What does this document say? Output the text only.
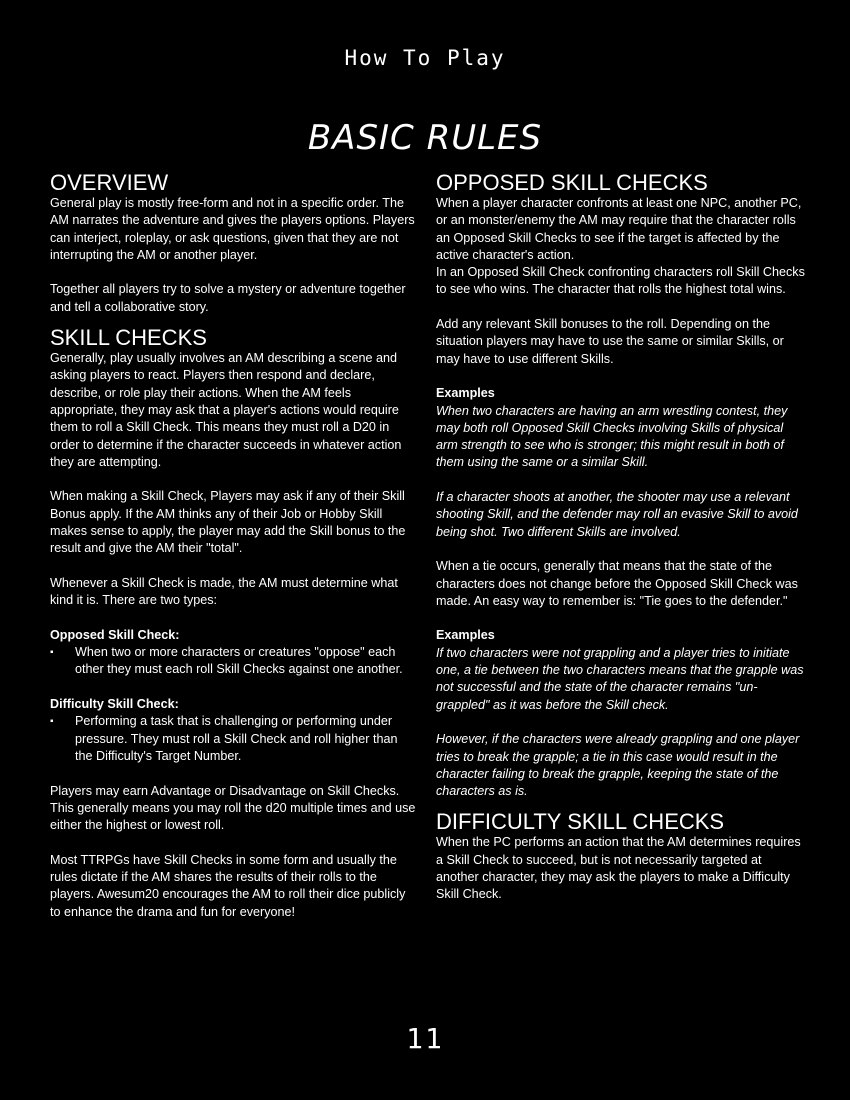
How To Play
BASIC RULES
OVERVIEW

General play is mostly free-form and not in a specific order. The AM narrates the adventure and gives the players options. Players can interject, roleplay, or ask questions, given that they are not interrupting the AM or another player.

Together all players try to solve a mystery or adventure together and tell a collaborative story.

SKILL CHECKS

Generally, play usually involves an AM describing a scene and asking players to react. Players then respond and declare, describe, or role play their actions. When the AM feels appropriate, they may ask that a player's actions would require them to roll a Skill Check. This means they must roll a D20 in order to determine if the character succeeds in whatever action they are attempting.

When making a Skill Check, Players may ask if any of their Skill Bonus apply. If the AM thinks any of their Job or Hobby Skill makes sense to apply, the player may add the Skill bonus to the result and give the AM their "total".

Whenever a Skill Check is made, the AM must determine what kind it is. There are two types:

Opposed Skill Check:

▪ When two or more characters or creatures "oppose" each other they must each roll Skill Checks against one another.

Difficulty Skill Check:

▪ Performing a task that is challenging or performing under pressure. They must roll a Skill Check and roll higher than the Difficulty's Target Number.

Players may earn Advantage or Disadvantage on Skill Checks. This generally means you may roll the d20 multiple times and use either the highest or lowest roll.

Most TTRPGs have Skill Checks in some form and usually the rules dictate if the AM shares the results of their rolls to the players. Awesum20 encourages the AM to roll their dice publicly to enhance the drama and fun for everyone!

OPPOSED SKILL CHECKS

When a player character confronts at least one NPC, another PC, or an monster/enemy the AM may require that the character rolls an Opposed Skill Checks to see if the target is affected by the active character's action.

In an Opposed Skill Check confronting characters roll Skill Checks to see who wins. The character that rolls the highest total wins.

Add any relevant Skill bonuses to the roll. Depending on the situation players may have to use the same or similar Skills, or may have to use different Skills.

Examples

When two characters are having an arm wrestling contest, they may both roll Opposed Skill Checks involving Skills of physical arm strength to see who is stronger; this might result in both of them using the same or a similar Skill.

If a character shoots at another, the shooter may use a relevant shooting Skill, and the defender may roll an evasive Skill to avoid being shot. Two different Skills are involved.

When a tie occurs, generally that means that the state of the characters does not change before the Opposed Skill Check was made. An easy way to remember is: "Tie goes to the defender."

Examples

If two characters were not grappling and a player tries to initiate one, a tie between the two characters means that the grapple was not successful and the state of the character remains "un-grappled" as it was before the Skill check.

However, if the characters were already grappling and one player tries to break the grapple; a tie in this case would result in the character failing to break the grapple, keeping the state of the characters as is.

DIFFICULTY SKILL CHECKS

When the PC performs an action that the AM determines requires a Skill Check to succeed, but is not necessarily targeted at another character, they may ask the players to make a Difficulty Skill Check.

11
